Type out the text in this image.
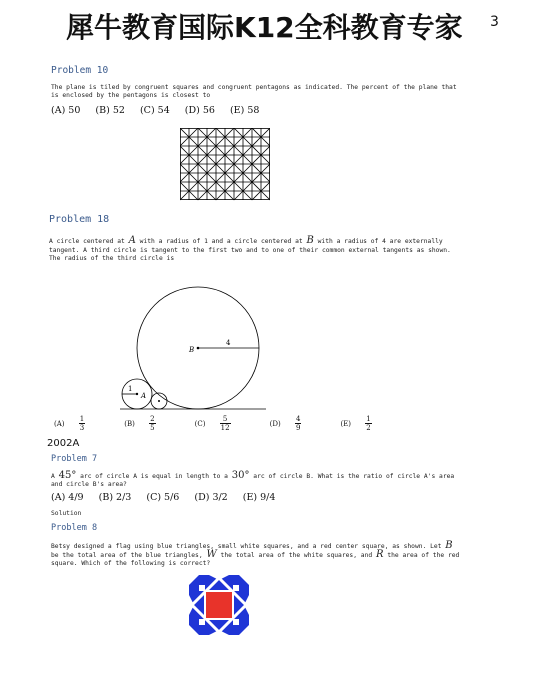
犀牛教育国际K12全科教育专家 3
Problem 10
The plane is tiled by congruent squares and congruent pentagons as indicated. The percent of the plane that
is enclosed by the pentagons is closest to
(A) 50 (B) 52 (C) 54 (D) 56 (E) 58
Problem 18
A circle centered at A with a radius of 1 and a circle centered at B with a radius of 4 are externally
tangent. A third circle is tangent to the first two and to one of their common external tangents as shown.
The radius of the third circle is
4
B
1
A
$(A) \frac{1}{3}$	$(B) \frac{2}{5}$	$(C) \frac{5}{12}$	$(D) \frac{4}{9}$	$(E) \frac{1}{2}$
2002A
Problem 7
A 45° arc of circle A is equal in length to a 30° arc of circle B. What is the ratio of circle A's area
and circle B's area?
(A) 4/9 (B) 2/3 (C) 5/6 (D) 3/2 (E) 9/4
Solution
Problem 8
Betsy designed a flag using blue triangles, small white squares, and a red center square, as shown. Let B
be the total area of the blue triangles, W the total area of the white squares, and R the area of the red
square. Which of the following is correct?
